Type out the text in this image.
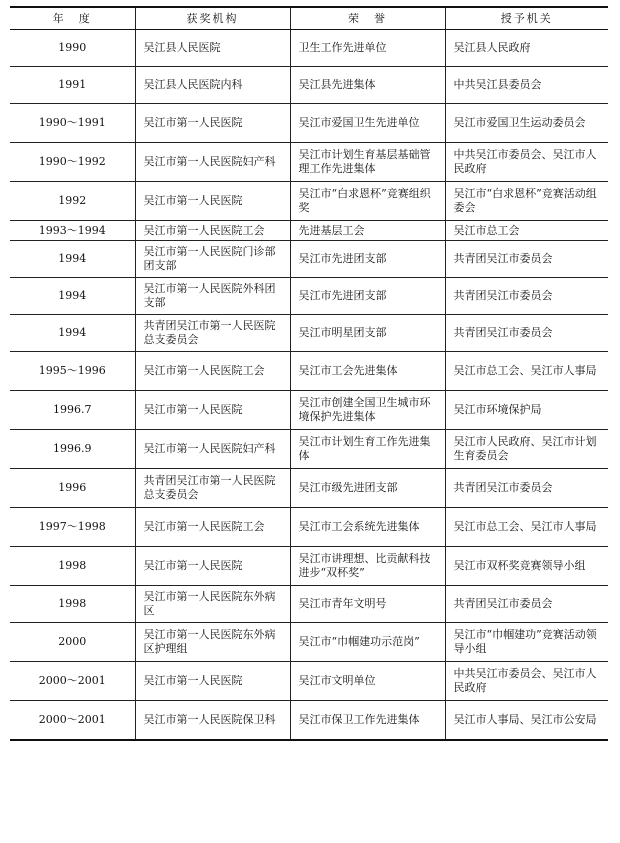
年　度	获奖机构	荣　誉	授予机关
1990	吴江县人民医院	卫生工作先进单位	吴江县人民政府
1991	吴江县人民医院内科	吴江县先进集体	中共吴江县委员会
1990～1991	吴江市第一人民医院	吴江市爱国卫生先进单位	吴江市爱国卫生运动委员会
1990～1992	吴江市第一人民医院妇产科	吴江市计划生育基层基础管理工作先进集体	中共吴江市委员会、吴江市人民政府
1992	吴江市第一人民医院	吴江市“白求恩杯”竞赛组织奖	吴江市“白求恩杯”竞赛活动组委会
1993～1994	吴江市第一人民医院工会	先进基层工会	吴江市总工会
1994	吴江市第一人民医院门诊部团支部	吴江市先进团支部	共青团吴江市委员会
1994	吴江市第一人民医院外科团支部	吴江市先进团支部	共青团吴江市委员会
1994	共青团吴江市第一人民医院总支委员会	吴江市明星团支部	共青团吴江市委员会
1995～1996	吴江市第一人民医院工会	吴江市工会先进集体	吴江市总工会、吴江市人事局
1996.7	吴江市第一人民医院	吴江市创建全国卫生城市环境保护先进集体	吴江市环境保护局
1996.9	吴江市第一人民医院妇产科	吴江市计划生育工作先进集体	吴江市人民政府、吴江市计划生育委员会
1996	共青团吴江市第一人民医院总支委员会	吴江市级先进团支部	共青团吴江市委员会
1997～1998	吴江市第一人民医院工会	吴江市工会系统先进集体	吴江市总工会、吴江市人事局
1998	吴江市第一人民医院	吴江市讲理想、比贡献科技进步“双杯奖”	吴江市双杯奖竞赛领导小组
1998	吴江市第一人民医院东外病区	吴江市青年文明号	共青团吴江市委员会
2000	吴江市第一人民医院东外病区护理组	吴江市“巾帼建功示范岗”	吴江市“巾帼建功”竞赛活动领导小组
2000～2001	吴江市第一人民医院	吴江市文明单位	中共吴江市委员会、吴江市人民政府
2000～2001	吴江市第一人民医院保卫科	吴江市保卫工作先进集体	吴江市人事局、吴江市公安局
